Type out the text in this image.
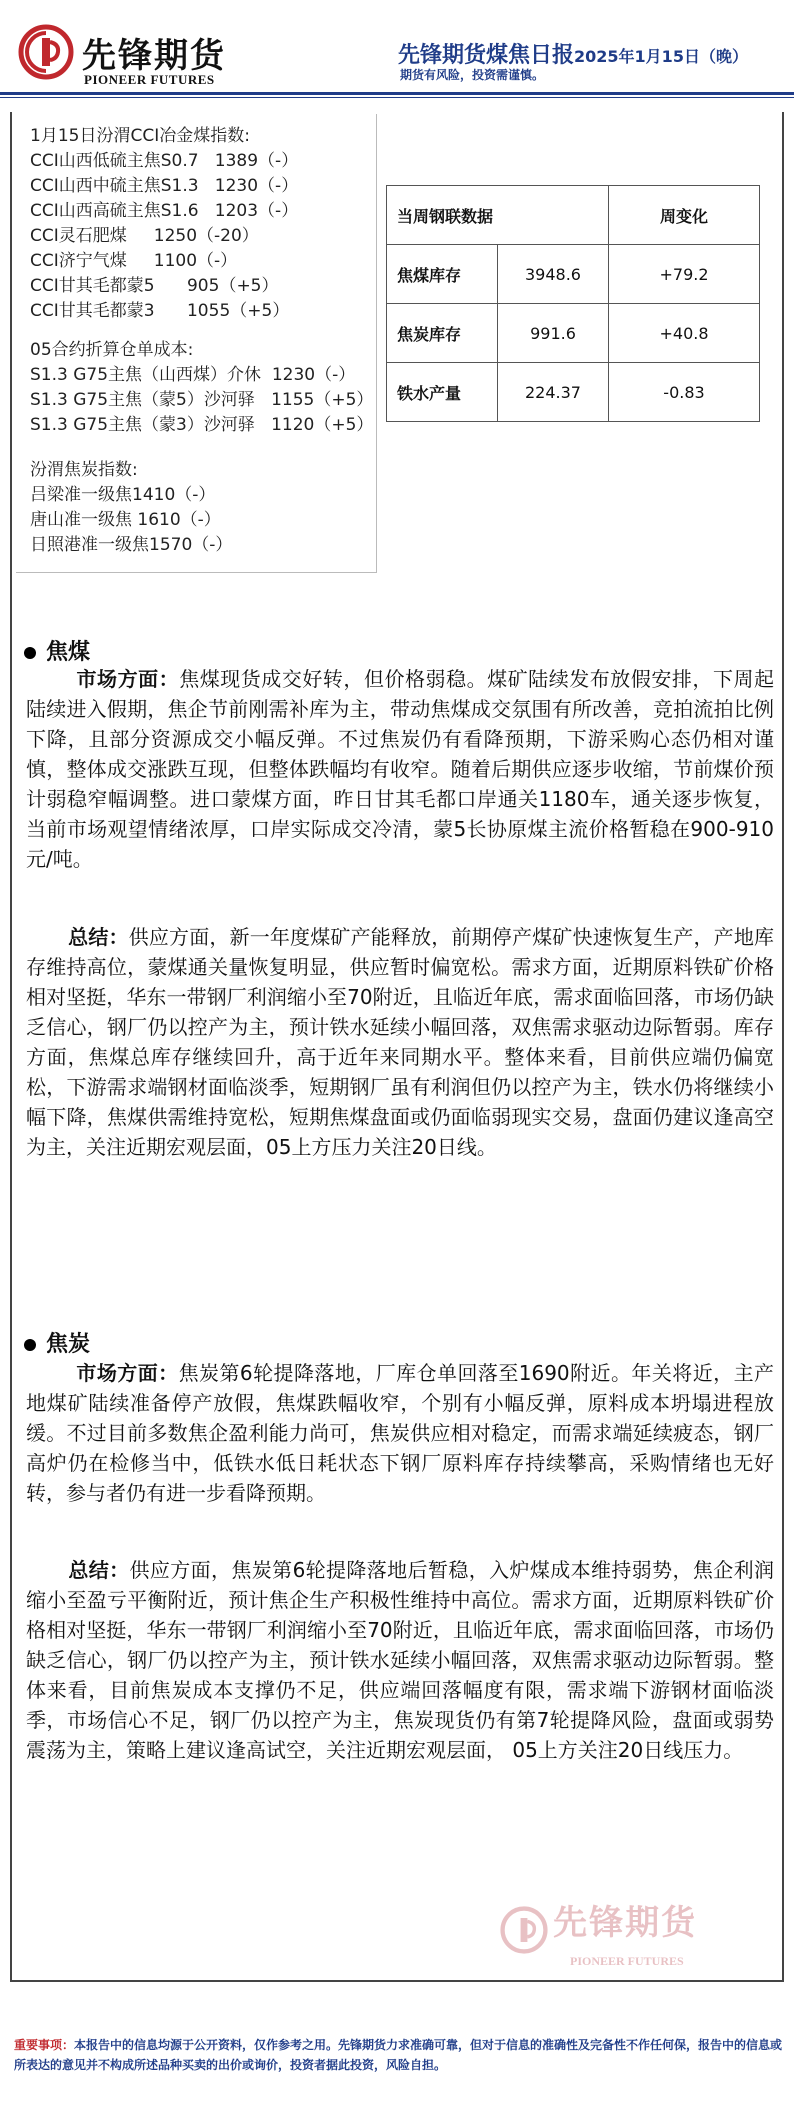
先锋期货
PIONEER FUTURES
先锋期货煤焦日报2025年1月15日（晚）
期货有风险，投资需谨慎。
1月15日汾渭CCI冶金煤指数:
CCI山西低硫主焦S0.7   1389（-）
CCI山西中硫主焦S1.3   1230（-）
CCI山西高硫主焦S1.6   1203（-）
CCI灵石肥煤     1250（-20）
CCI济宁气煤     1100（-）
CCI甘其毛都蒙5      905（+5）
CCI甘其毛都蒙3      1055（+5）
05合约折算仓单成本:
S1.3 G75主焦（山西煤）介休  1230（-）
S1.3 G75主焦（蒙5）沙河驿   1155（+5）
S1.3 G75主焦（蒙3）沙河驿   1120（+5）
汾渭焦炭指数:
吕梁准一级焦1410（-）
唐山准一级焦 1610（-）
日照港准一级焦1570（-）
当周钢联数据		周变化
焦煤库存	3948.6	+79.2
焦炭库存	991.6	+40.8
铁水产量	224.37	-0.83
焦煤
市场方面：焦煤现货成交好转，但价格弱稳。煤矿陆续发布放假安排，下周起陆续进入假期，焦企节前刚需补库为主，带动焦煤成交氛围有所改善，竞拍流拍比例下降，且部分资源成交小幅反弹。不过焦炭仍有看降预期，下游采购心态仍相对谨慎，整体成交涨跌互现，但整体跌幅均有收窄。随着后期供应逐步收缩，节前煤价预计弱稳窄幅调整。进口蒙煤方面，昨日甘其毛都口岸通关1180车，通关逐步恢复，当前市场观望情绪浓厚，口岸实际成交冷清，蒙5长协原煤主流价格暂稳在900-910元/吨。
总结：供应方面，新一年度煤矿产能释放，前期停产煤矿快速恢复生产，产地库存维持高位，蒙煤通关量恢复明显，供应暂时偏宽松。需求方面，近期原料铁矿价格相对坚挺，华东一带钢厂利润缩小至70附近，且临近年底，需求面临回落，市场仍缺乏信心，钢厂仍以控产为主，预计铁水延续小幅回落，双焦需求驱动边际暂弱。库存方面，焦煤总库存继续回升，高于近年来同期水平。整体来看，目前供应端仍偏宽松，下游需求端钢材面临淡季，短期钢厂虽有利润但仍以控产为主，铁水仍将继续小幅下降，焦煤供需维持宽松，短期焦煤盘面或仍面临弱现实交易，盘面仍建议逢高空为主，关注近期宏观层面，05上方压力关注20日线。
焦炭
市场方面：焦炭第6轮提降落地，厂库仓单回落至1690附近。年关将近，主产地煤矿陆续准备停产放假，焦煤跌幅收窄，个别有小幅反弹，原料成本坍塌进程放缓。不过目前多数焦企盈利能力尚可，焦炭供应相对稳定，而需求端延续疲态，钢厂高炉仍在检修当中，低铁水低日耗状态下钢厂原料库存持续攀高，采购情绪也无好转，参与者仍有进一步看降预期。
总结：供应方面，焦炭第6轮提降落地后暂稳，入炉煤成本维持弱势，焦企利润缩小至盈亏平衡附近，预计焦企生产积极性维持中高位。需求方面，近期原料铁矿价格相对坚挺，华东一带钢厂利润缩小至70附近，且临近年底，需求面临回落，市场仍缺乏信心，钢厂仍以控产为主，预计铁水延续小幅回落，双焦需求驱动边际暂弱。整体来看，目前焦炭成本支撑仍不足，供应端回落幅度有限，需求端下游钢材面临淡季，市场信心不足，钢厂仍以控产为主，焦炭现货仍有第7轮提降风险，盘面或弱势震荡为主，策略上建议逢高试空，关注近期宏观层面， 05上方关注20日线压力。
先锋期货
PIONEER FUTURES
重要事项：本报告中的信息均源于公开资料，仅作参考之用。先锋期货力求准确可靠，但对于信息的准确性及完备性不作任何保，报告中的信息或所表达的意见并不构成所述品种买卖的出价或询价，投资者据此投资，风险自担。
